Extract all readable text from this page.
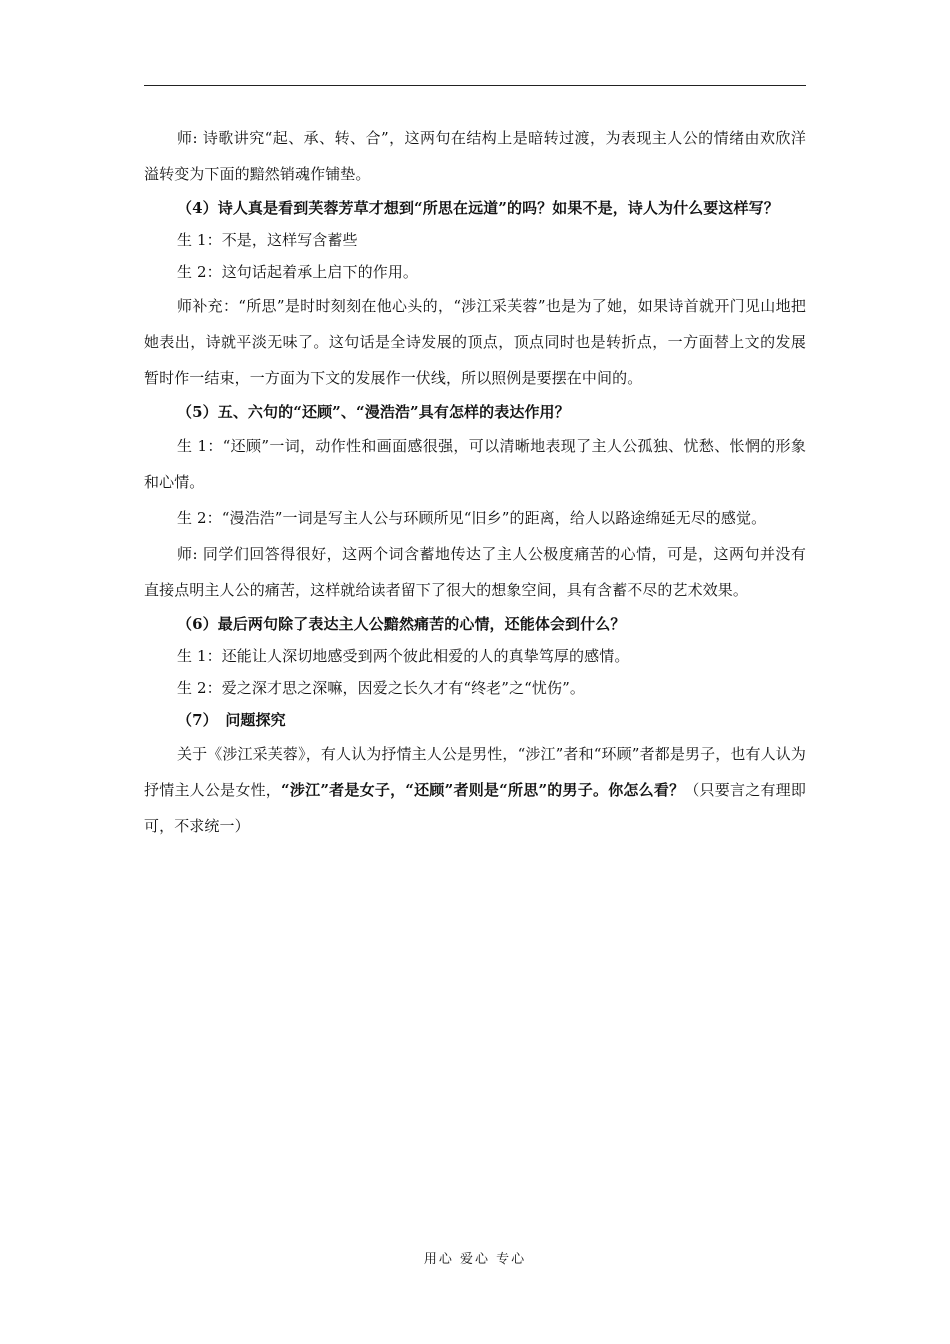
师: 诗歌讲究“起、承、转、合”，这两句在结构上是暗转过渡，为表现主人公的情绪由欢欣洋溢转变为下面的黯然销魂作铺垫。

（4）诗人真是看到芙蓉芳草才想到“所思在远道”的吗？如果不是，诗人为什么要这样写？

生 1：不是，这样写含蓄些

生 2：这句话起着承上启下的作用。

师补充：“所思”是时时刻刻在他心头的，“涉江采芙蓉”也是为了她，如果诗首就开门见山地把她表出，诗就平淡无味了。这句话是全诗发展的顶点，顶点同时也是转折点，一方面替上文的发展暂时作一结束，一方面为下文的发展作一伏线，所以照例是要摆在中间的。

（5）五、六句的“还顾”、“漫浩浩”具有怎样的表达作用？

生 1：“还顾”一词，动作性和画面感很强，可以清晰地表现了主人公孤独、忧愁、怅惘的形象和心情。

生 2：“漫浩浩”一词是写主人公与环顾所见“旧乡”的距离，给人以路途绵延无尽的感觉。

师: 同学们回答得很好，这两个词含蓄地传达了主人公极度痛苦的心情，可是，这两句并没有直接点明主人公的痛苦，这样就给读者留下了很大的想象空间，具有含蓄不尽的艺术效果。

（6）最后两句除了表达主人公黯然痛苦的心情，还能体会到什么？

生 1：还能让人深切地感受到两个彼此相爱的人的真挚笃厚的感情。

生 2：爱之深才思之深嘛，因爱之长久才有“终老”之“忧伤”。

（7）　问题探究

关于《涉江采芙蓉》，有人认为抒情主人公是男性，“涉江”者和“环顾”者都是男子，也有人认为抒情主人公是女性，“涉江”者是女子，“还顾”者则是“所思”的男子。你怎么看？（只要言之有理即可，不求统一）

用心 爱心 专心
